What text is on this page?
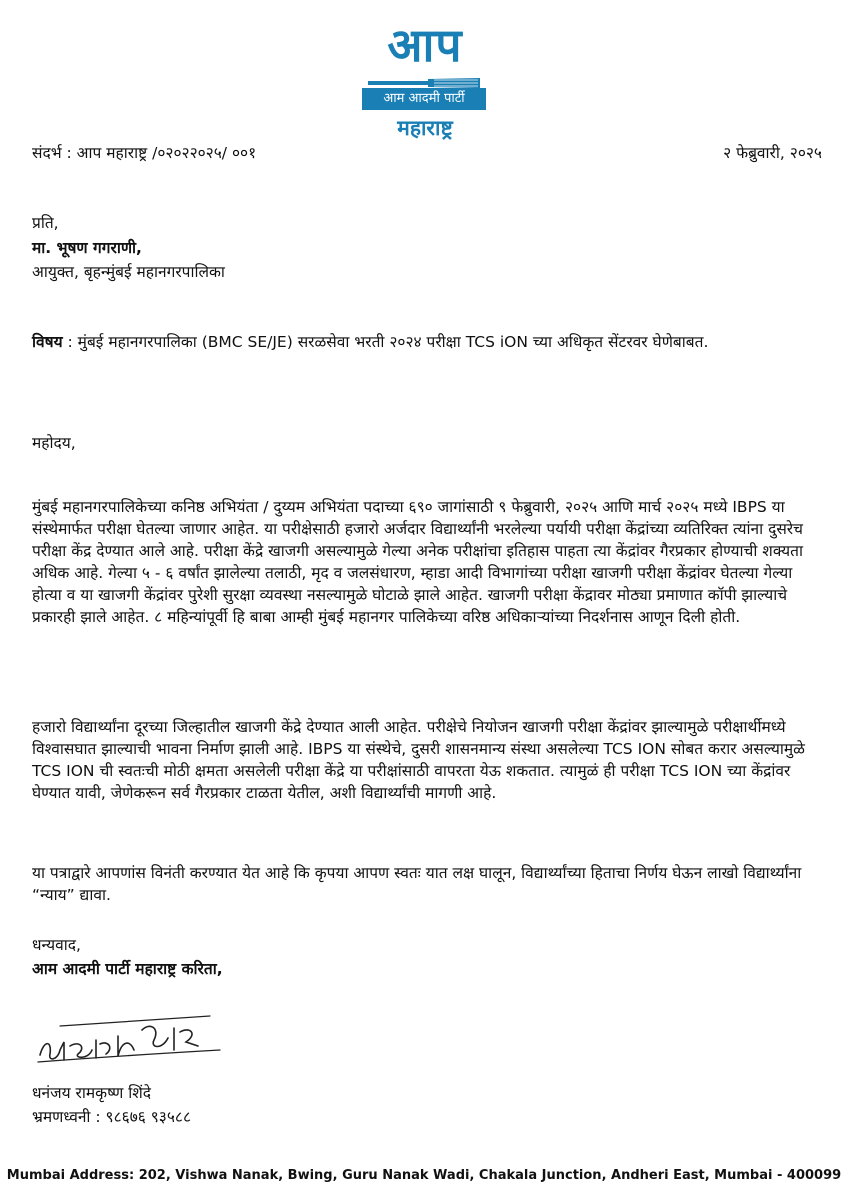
आप
आम आदमी पार्टी
महाराष्ट्र
संदर्भ : आप महाराष्ट्र /०२०२२०२५/ ००१	२ फेब्रुवारी, २०२५
प्रति,
मा. भूषण गगराणी,
आयुक्त, बृहन्मुंबई महानगरपालिका
विषय : मुंबई महानगरपालिका (BMC SE/JE) सरळसेवा भरती २०२४ परीक्षा TCS iON च्या अधिकृत सेंटरवर घेणेबाबत.
महोदय,
मुंबई महानगरपालिकेच्या कनिष्ठ अभियंता / दुय्यम अभियंता पदाच्या ६९० जागांसाठी ९ फेब्रुवारी, २०२५ आणि मार्च २०२५ मध्ये IBPS या संस्थेमार्फत परीक्षा घेतल्या जाणार आहेत. या परीक्षेसाठी हजारो अर्जदार विद्यार्थ्यांनी भरलेल्या पर्यायी परीक्षा केंद्रांच्या व्यतिरिक्त त्यांना दुसरेच परीक्षा केंद्र देण्यात आले आहे. परीक्षा केंद्रे खाजगी असल्यामुळे गेल्या अनेक परीक्षांचा इतिहास पाहता त्या केंद्रांवर गैरप्रकार होण्याची शक्यता अधिक आहे. गेल्या ५ - ६ वर्षांत झालेल्या तलाठी, मृद व जलसंधारण, म्हाडा आदी विभागांच्या परीक्षा खाजगी परीक्षा केंद्रांवर घेतल्या गेल्या होत्या व या खाजगी केंद्रांवर पुरेशी सुरक्षा व्यवस्था नसल्यामुळे घोटाळे झाले आहेत. खाजगी परीक्षा केंद्रावर मोठ्या प्रमाणात कॉपी झाल्याचे प्रकारही झाले आहेत. ८ महिन्यांपूर्वी हि बाबा आम्ही मुंबई महानगर पालिकेच्या वरिष्ठ अधिकाऱ्यांच्या निदर्शनास आणून दिली होती.
हजारो विद्यार्थ्यांना दूरच्या जिल्हातील खाजगी केंद्रे देण्यात आली आहेत. परीक्षेचे नियोजन खाजगी परीक्षा केंद्रांवर झाल्यामुळे परीक्षार्थीमध्ये विश्वासघात झाल्याची भावना निर्माण झाली आहे. IBPS या संस्थेचे, दुसरी शासनमान्य संस्था असलेल्या TCS ION सोबत करार असल्यामुळे TCS ION ची स्वतःची मोठी क्षमता असलेली परीक्षा केंद्रे या परीक्षांसाठी वापरता येऊ शकतात. त्यामुळं ही परीक्षा TCS ION च्या केंद्रांवर घेण्यात यावी, जेणेकरून सर्व गैरप्रकार टाळता येतील, अशी विद्यार्थ्यांची मागणी आहे.
या पत्राद्वारे आपणांस विनंती करण्यात येत आहे कि कृपया आपण स्वतः यात लक्ष घालून, विद्यार्थ्यांच्या हिताचा निर्णय घेऊन लाखो विद्यार्थ्यांना “न्याय” द्यावा.
धन्यवाद,
आम आदमी पार्टी महाराष्ट्र करिता,
धनंजय रामकृष्ण शिंदे
भ्रमणध्वनी : ९८६७६ ९३५८८
Mumbai Address: 202, Vishwa Nanak, Bwing, Guru Nanak Wadi, Chakala Junction, Andheri East, Mumbai - 400099
